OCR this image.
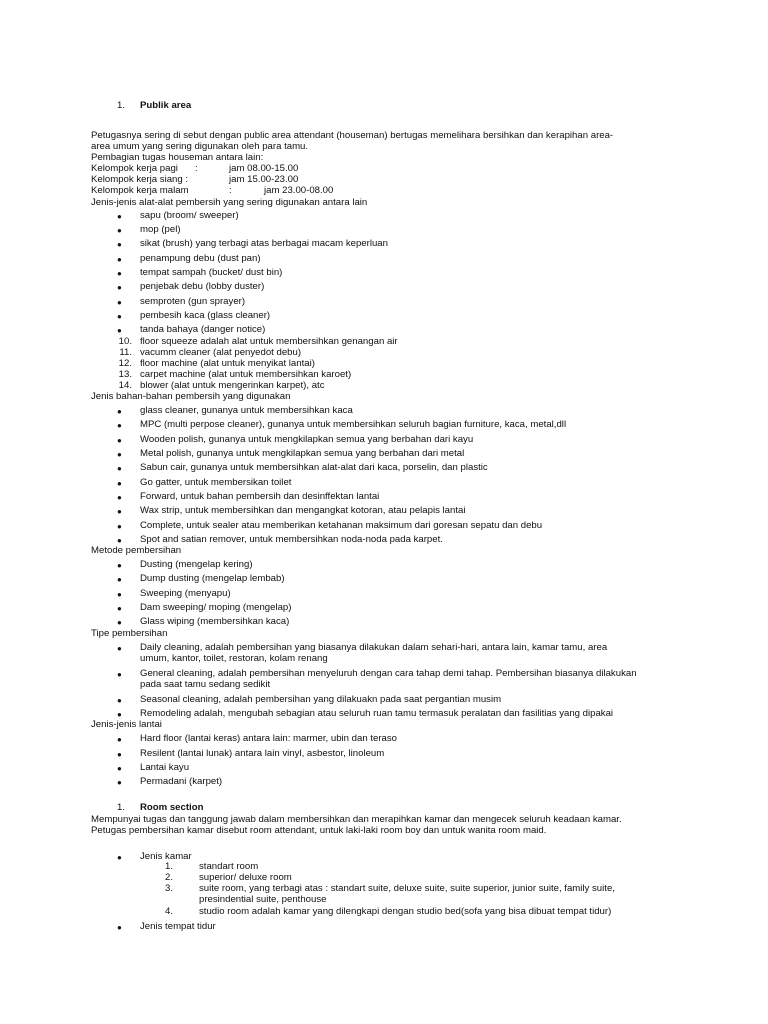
1. Publik area
Petugasnya sering di sebut dengan public area attendant (houseman) bertugas memelihara bersihkan dan kerapihan area-
area umum yang sering digunakan oleh para tamu.
Pembagian tugas houseman antara lain:
Kelompok kerja pagi :	jam 08.00-15.00
Kelompok kerja siang :	jam 15.00-23.00
Kelompok kerja malam	:	jam 23.00-08.00
Jenis-jenis alat-alat pembersih yang sering digunakan antara lain
● sapu (broom/ sweeper)
● mop (pel)
● sikat (brush) yang terbagi atas berbagai macam keperluan
● penampung debu (dust pan)
● tempat sampah (bucket/ dust bin)
● penjebak debu (lobby duster)
● semproten (gun sprayer)
● pembesih kaca (glass cleaner)
● tanda bahaya (danger notice)
10. floor squeeze adalah alat untuk membersihkan genangan air
11. vacumm cleaner (alat penyedot debu)
12. floor machine (alat untuk menyikat lantai)
13. carpet machine (alat untuk membersihkan karoet)
14. blower (alat untuk mengerinkan karpet), atc
Jenis bahan-bahan pembersih yang digunakan
● glass cleaner, gunanya untuk membersihkan kaca
● MPC (multi perpose cleaner), gunanya untuk membersihkan seluruh bagian furniture, kaca, metal,dll
● Wooden polish, gunanya untuk mengkilapkan semua yang berbahan dari kayu
● Metal polish, gunanya untuk mengkilapkan semua yang berbahan dari metal
● Sabun cair, gunanya untuk membersihkan alat-alat dari kaca, porselin, dan plastic
● Go gatter, untuk membersikan toilet
● Forward, untuk bahan pembersih dan desinffektan lantai
● Wax strip, untuk membersihkan dan mengangkat kotoran, atau pelapis lantai
● Complete, untuk sealer atau memberikan ketahanan maksimum dari goresan sepatu dan debu
● Spot and satian remover, untuk membersihkan noda-noda pada karpet.
Metode pembersihan
● Dusting (mengelap kering)
● Dump dusting (mengelap lembab)
● Sweeping (menyapu)
● Dam sweeping/ moping (mengelap)
● Glass wiping (membersihkan kaca)
Tipe pembersihan
● Daily cleaning, adalah pembersihan yang biasanya dilakukan dalam sehari-hari, antara lain, kamar tamu, area
umum, kantor, toilet, restoran, kolam renang
● General cleaning, adalah pembersihan menyeluruh dengan cara tahap demi tahap. Pembersihan biasanya dilakukan
pada saat tamu sedang sedikit
● Seasonal cleaning, adalah pembersihan yang dilakuakn pada saat pergantian musim
● Remodeling adalah, mengubah sebagian atau seluruh ruan tamu termasuk peralatan dan fasilitias yang dipakai
Jenis-jenis lantai
● Hard floor (lantai keras) antara lain: marmer, ubin dan teraso
● Resilent (lantai lunak) antara lain vinyl, asbestor, linoleum
● Lantai kayu
● Permadani (karpet)
1. Room section
Mempunyai tugas dan tanggung jawab dalam membersihkan dan merapihkan kamar dan mengecek seluruh keadaan kamar.
Petugas pembersihan kamar disebut room attendant, untuk laki-laki room boy dan untuk wanita room maid.
● Jenis kamar
1.	standart room
2.	superior/ deluxe room
3.	suite room, yang terbagi atas : standart suite, deluxe suite, suite superior, junior suite, family suite,
presindential suite, penthouse
4.	studio room adalah kamar yang dilengkapi dengan studio bed(sofa yang bisa dibuat tempat tidur)
● Jenis tempat tidur
